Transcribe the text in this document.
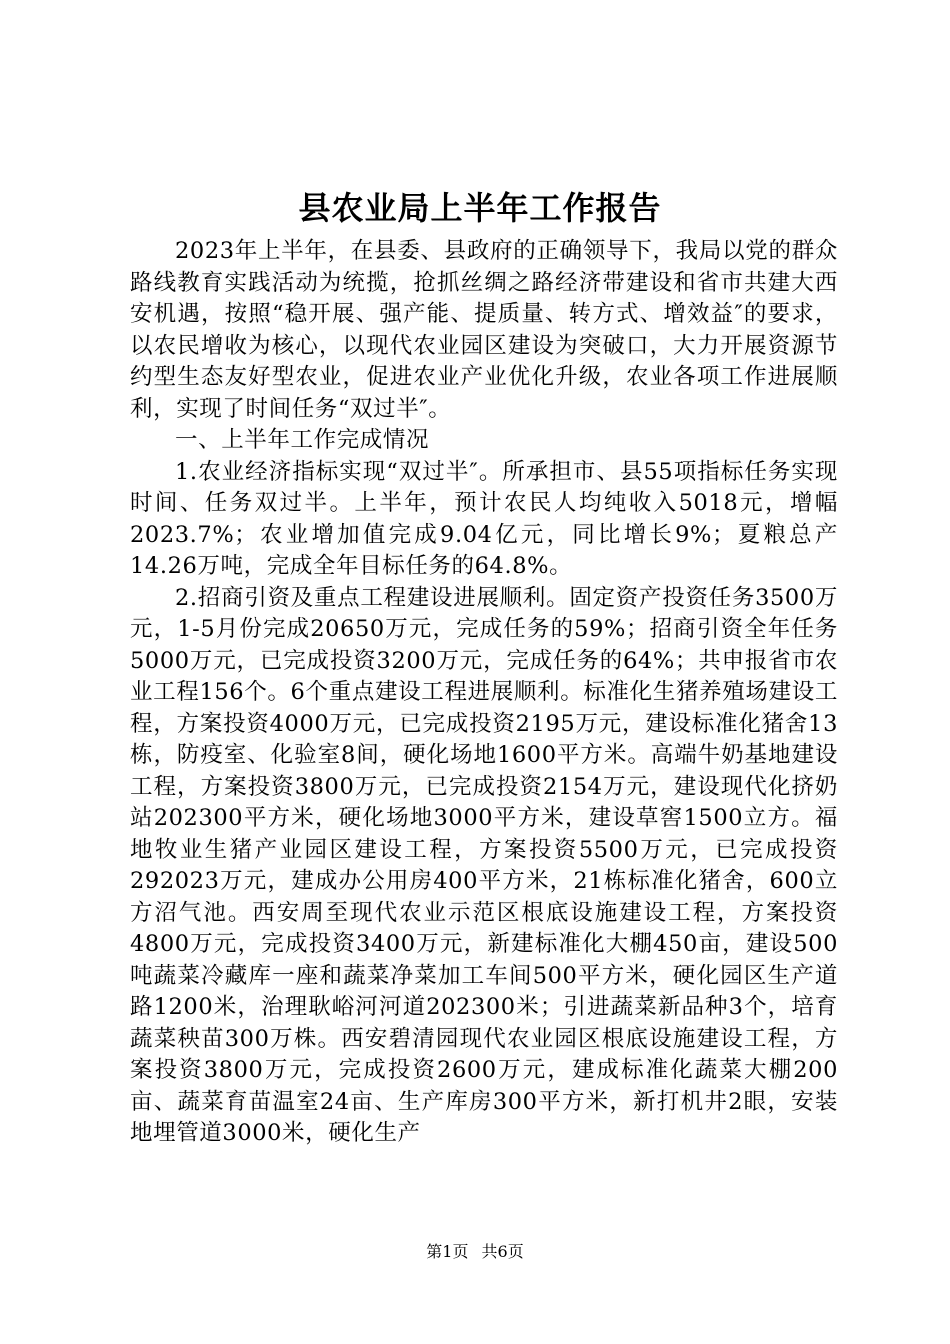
县农业局上半年工作报告

2023年上半年，在县委、县政府的正确领导下，我局以党的群众路线教育实践活动为统揽，抢抓丝绸之路经济带建设和省市共建大西安机遇，按照“稳开展、强产能、提质量、转方式、增效益″的要求，以农民增收为核心，以现代农业园区建设为突破口，大力开展资源节约型生态友好型农业，促进农业产业优化升级，农业各项工作进展顺利，实现了时间任务“双过半″。

一、上半年工作完成情况

1.农业经济指标实现“双过半″。所承担市、县55项指标任务实现时间、任务双过半。上半年，预计农民人均纯收入5018元，增幅2023.7%；农业增加值完成9.04亿元，同比增长9%；夏粮总产14.26万吨，完成全年目标任务的64.8%。

2.招商引资及重点工程建设进展顺利。固定资产投资任务3500万元，1-5月份完成20650万元，完成任务的59%；招商引资全年任务5000万元，已完成投资3200万元，完成任务的64%；共申报省市农业工程156个。6个重点建设工程进展顺利。标准化生猪养殖场建设工程，方案投资4000万元，已完成投资2195万元，建设标准化猪舍13栋，防疫室、化验室8间，硬化场地1600平方米。高端牛奶基地建设工程，方案投资3800万元，已完成投资2154万元，建设现代化挤奶站202300平方米，硬化场地3000平方米，建设草窖1500立方。福地牧业生猪产业园区建设工程，方案投资5500万元，已完成投资292023万元，建成办公用房400平方米，21栋标准化猪舍，600立方沼气池。西安周至现代农业示范区根底设施建设工程，方案投资4800万元，完成投资3400万元，新建标准化大棚450亩，建设500吨蔬菜冷藏库一座和蔬菜净菜加工车间500平方米，硬化园区生产道路1200米，治理耿峪河河道202300米；引进蔬菜新品种3个，培育蔬菜秧苗300万株。西安碧清园现代农业园区根底设施建设工程，方案投资3800万元，完成投资2600万元，建成标准化蔬菜大棚200亩、蔬菜育苗温室24亩、生产库房300平方米，新打机井2眼，安装地埋管道3000米，硬化生产

第1页 共6页
